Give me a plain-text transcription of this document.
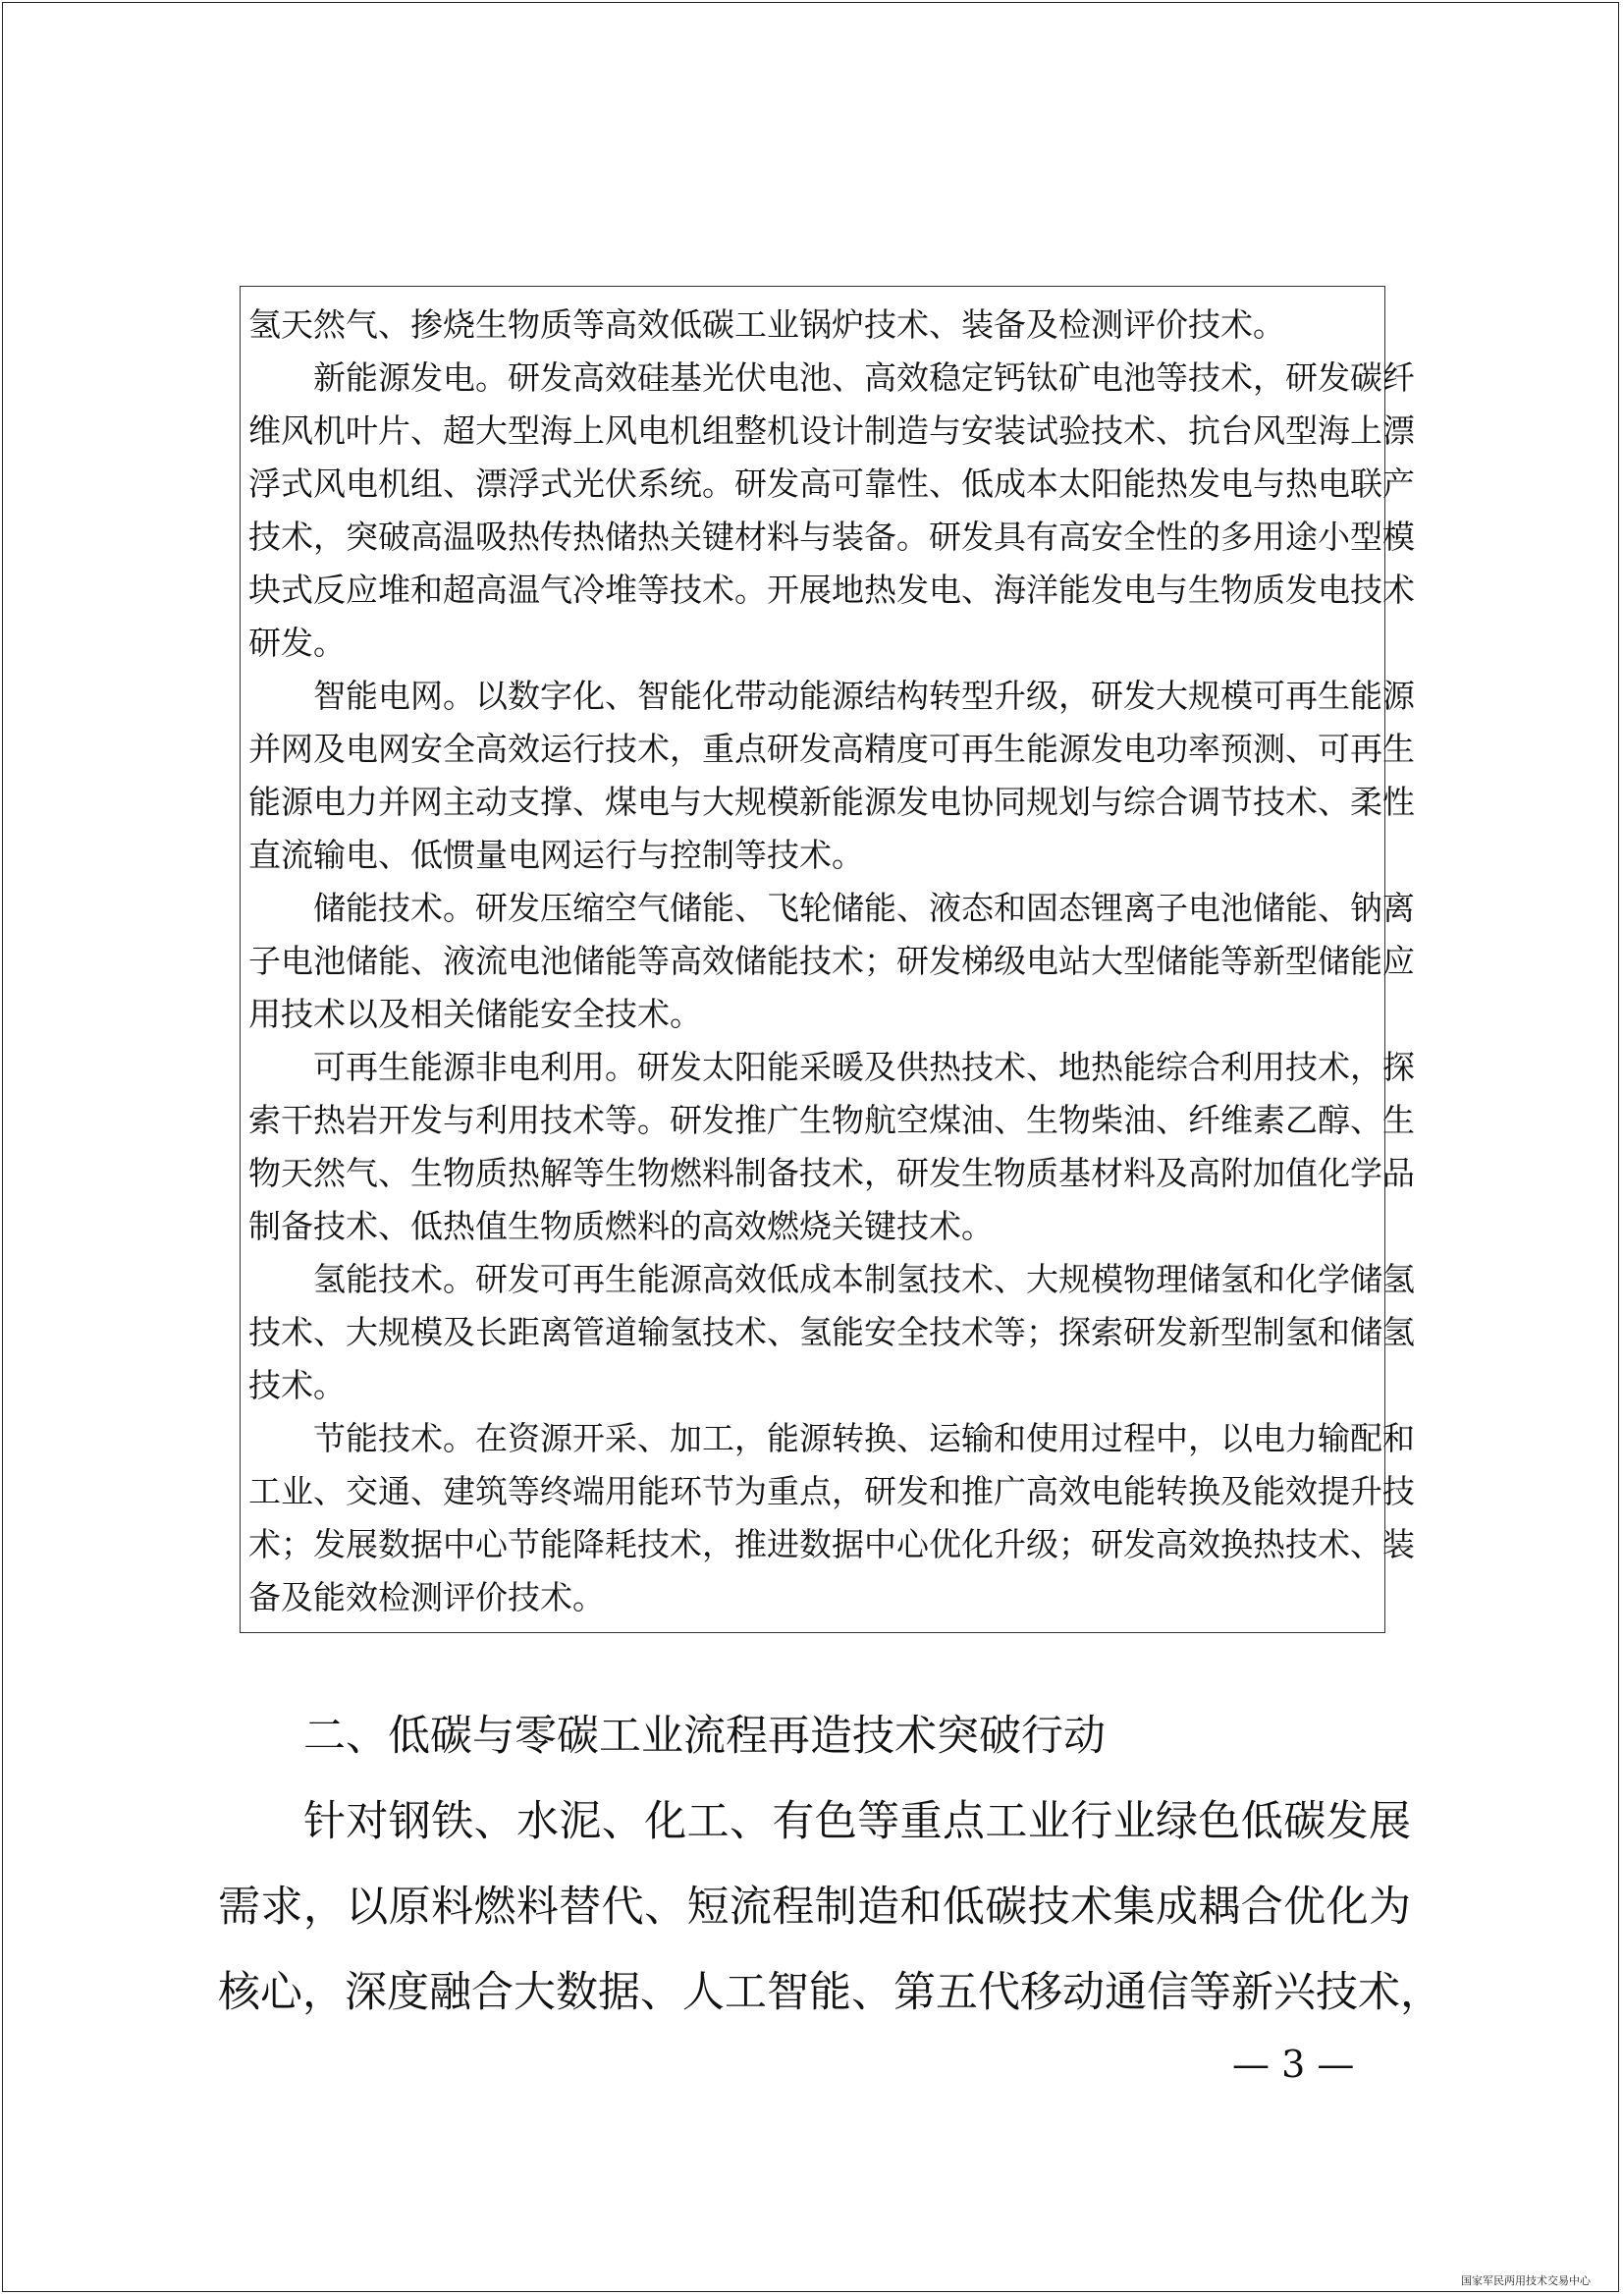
氢天然气、掺烧生物质等高效低碳工业锅炉技术、装备及检测评价技术。
新能源发电。研发高效硅基光伏电池、高效稳定钙钛矿电池等技术，研发碳纤
维风机叶片、超大型海上风电机组整机设计制造与安装试验技术、抗台风型海上漂
浮式风电机组、漂浮式光伏系统。研发高可靠性、低成本太阳能热发电与热电联产
技术，突破高温吸热传热储热关键材料与装备。研发具有高安全性的多用途小型模
块式反应堆和超高温气冷堆等技术。开展地热发电、海洋能发电与生物质发电技术
研发。
智能电网。以数字化、智能化带动能源结构转型升级，研发大规模可再生能源
并网及电网安全高效运行技术，重点研发高精度可再生能源发电功率预测、可再生
能源电力并网主动支撑、煤电与大规模新能源发电协同规划与综合调节技术、柔性
直流输电、低惯量电网运行与控制等技术。
储能技术。研发压缩空气储能、飞轮储能、液态和固态锂离子电池储能、钠离
子电池储能、液流电池储能等高效储能技术；研发梯级电站大型储能等新型储能应
用技术以及相关储能安全技术。
可再生能源非电利用。研发太阳能采暖及供热技术、地热能综合利用技术，探
索干热岩开发与利用技术等。研发推广生物航空煤油、生物柴油、纤维素乙醇、生
物天然气、生物质热解等生物燃料制备技术，研发生物质基材料及高附加值化学品
制备技术、低热值生物质燃料的高效燃烧关键技术。
氢能技术。研发可再生能源高效低成本制氢技术、大规模物理储氢和化学储氢
技术、大规模及长距离管道输氢技术、氢能安全技术等；探索研发新型制氢和储氢
技术。
节能技术。在资源开采、加工，能源转换、运输和使用过程中，以电力输配和
工业、交通、建筑等终端用能环节为重点，研发和推广高效电能转换及能效提升技
术；发展数据中心节能降耗技术，推进数据中心优化升级；研发高效换热技术、装
备及能效检测评价技术。
二、低碳与零碳工业流程再造技术突破行动
针对钢铁、水泥、化工、有色等重点工业行业绿色低碳发展
需求，以原料燃料替代、短流程制造和低碳技术集成耦合优化为
核心，深度融合大数据、人工智能、第五代移动通信等新兴技术，
— 3 —
国家军民两用技术交易中心
